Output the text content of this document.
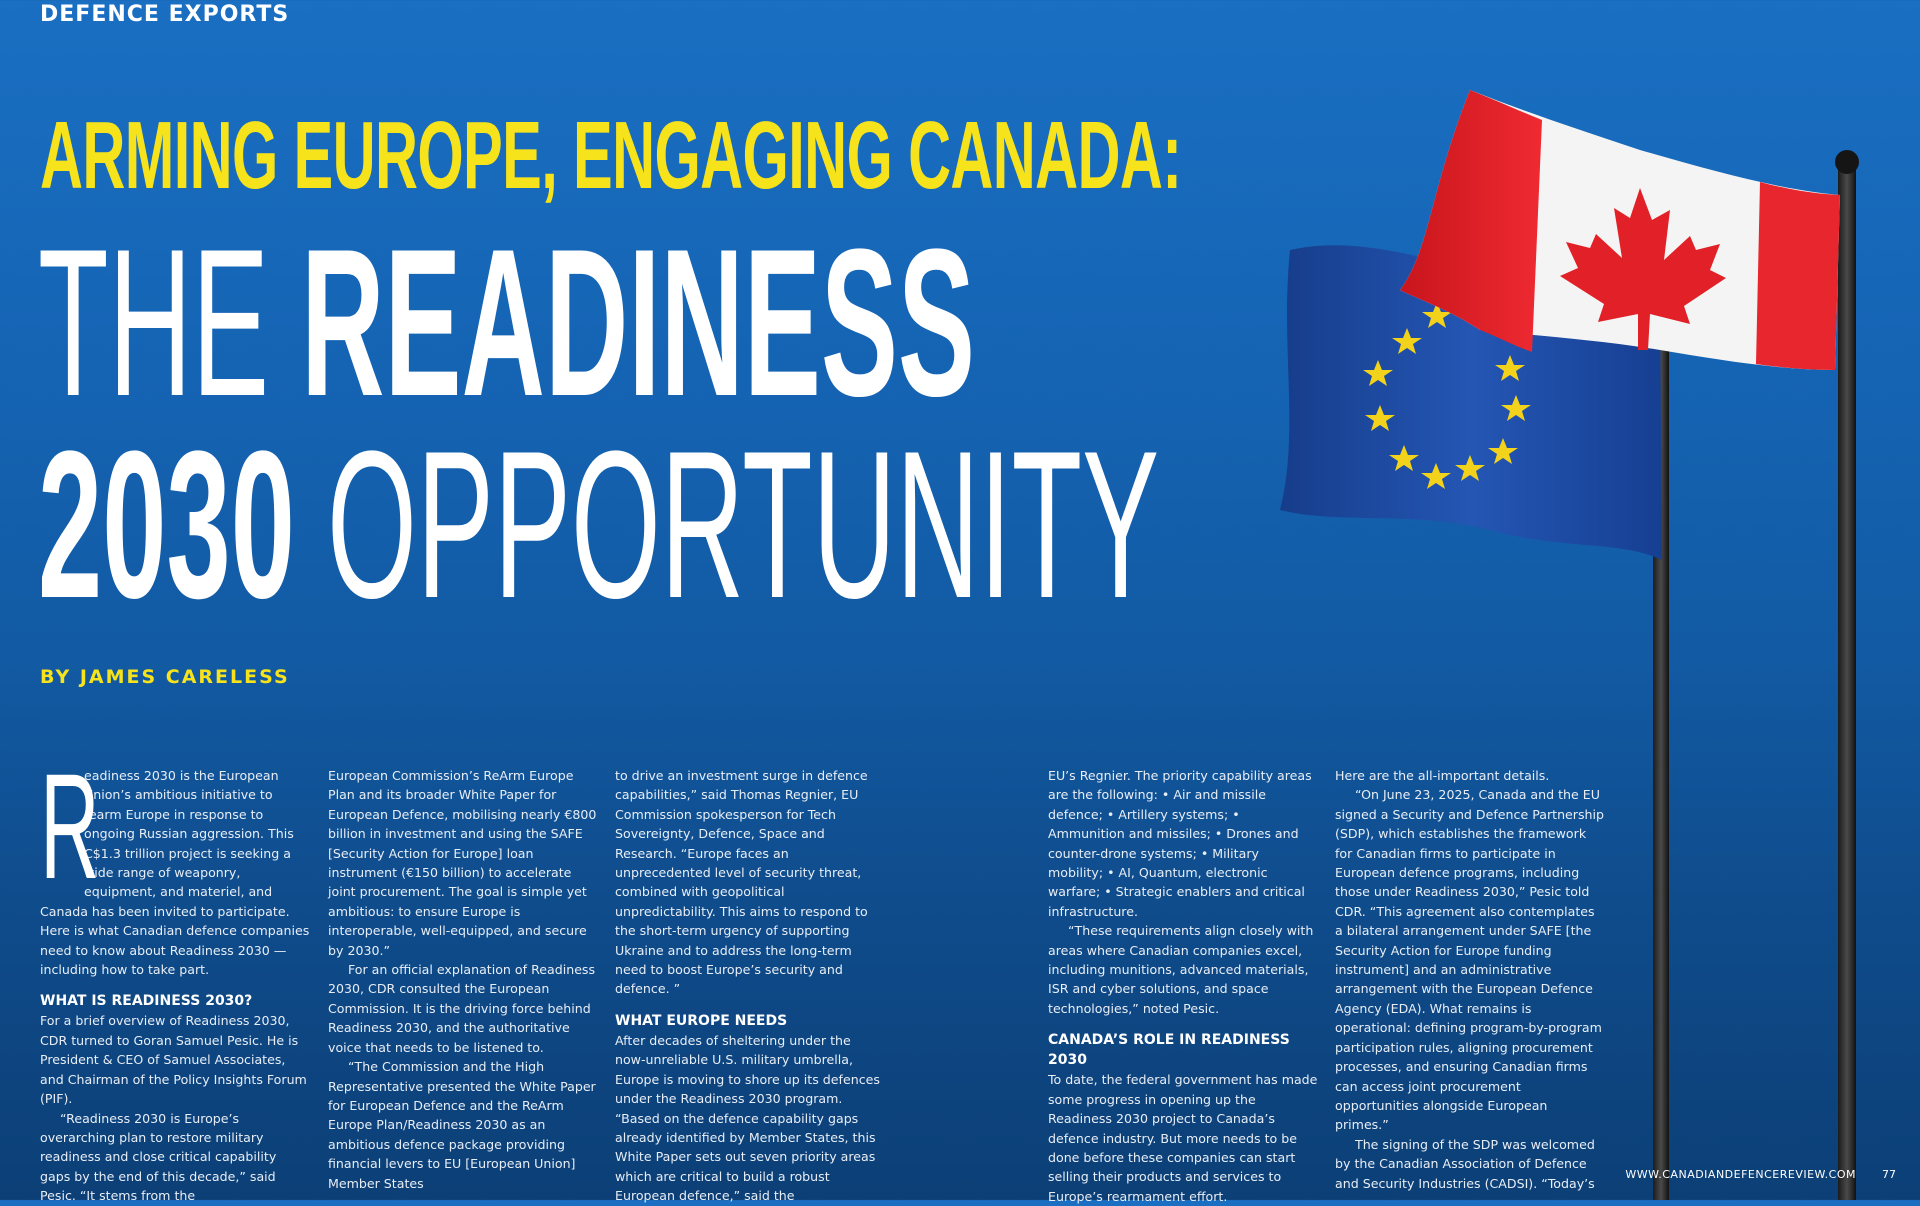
DEFENCE EXPORTS
ARMING EUROPE, ENGAGING CANADA:
THE READINESS
2030 OPPORTUNITY
BY JAMES CARELESS
R

eadiness 2030 is the European Union’s ambitious initiative to rearm Europe in response to ongoing Russian aggression. This C$1.3 trillion project is seeking a wide range of weaponry, equipment, and materiel, and Canada has been invited to participate. Here is what Canadian defence companies need to know about Readiness 2030 — including how to take part.

WHAT IS READINESS 2030?

For a brief overview of Readiness 2030, CDR turned to Goran Samuel Pesic. He is President & CEO of Samuel Associates, and Chairman of the Policy Insights Forum (PIF).

“Readiness 2030 is Europe’s overarching plan to restore military readiness and close critical capability gaps by the end of this decade,” said Pesic. “It stems from the

European Commission’s ReArm Europe Plan and its broader White Paper for European Defence, mobilising nearly €800 billion in investment and using the SAFE [Security Action for Europe] loan instrument (€150 billion) to accelerate joint procurement. The goal is simple yet ambitious: to ensure Europe is interoperable, well-equipped, and secure by 2030.”

For an official explanation of Readiness 2030, CDR consulted the European Commission. It is the driving force behind Readiness 2030, and the authoritative voice that needs to be listened to.

“The Commission and the High Representative presented the White Paper for European Defence and the ReArm Europe Plan/Readiness 2030 as an ambitious defence package providing financial levers to EU [European Union] Member States

to drive an investment surge in defence capabilities,” said Thomas Regnier, EU Commission spokesperson for Tech Sovereignty, Defence, Space and Research. “Europe faces an unprecedented level of security threat, combined with geopolitical unpredictability. This aims to respond to the short-term urgency of supporting Ukraine and to address the long-term need to boost Europe’s security and defence. ”

WHAT EUROPE NEEDS

After decades of sheltering under the now-unreliable U.S. military umbrella, Europe is moving to shore up its defences under the Readiness 2030 program. “Based on the defence capability gaps already identified by Member States, this White Paper sets out seven priority areas which are critical to build a robust European defence,” said the

EU’s Regnier. The priority capability areas are the following: • Air and missile defence; • Artillery systems; • Ammunition and missiles; • Drones and counter-drone systems; • Military mobility; • AI, Quantum, electronic warfare; • Strategic enablers and critical infrastructure.

“These requirements align closely with areas where Canadian companies excel, including munitions, advanced materials, ISR and cyber solutions, and space technologies,” noted Pesic.

CANADA’S ROLE IN READINESS 2030

To date, the federal government has made some progress in opening up the Readiness 2030 project to Canada’s defence industry. But more needs to be done before these companies can start selling their products and services to Europe’s rearmament effort.

Here are the all-important details.

“On June 23, 2025, Canada and the EU signed a Security and Defence Partnership (SDP), which establishes the framework for Canadian firms to participate in European defence programs, including those under Readiness 2030,” Pesic told CDR. “This agreement also contemplates a bilateral arrangement under SAFE [the Security Action for Europe funding instrument] and an administrative arrangement with the European Defence Agency (EDA). What remains is operational: defining program-by-program participation rules, aligning procurement processes, and ensuring Canadian firms can access joint procurement opportunities alongside European primes.”

The signing of the SDP was welcomed by the Canadian Association of Defence and Security Industries (CADSI). “Today’s

WWW.CANADIANDEFENCEREVIEW.COM 77
